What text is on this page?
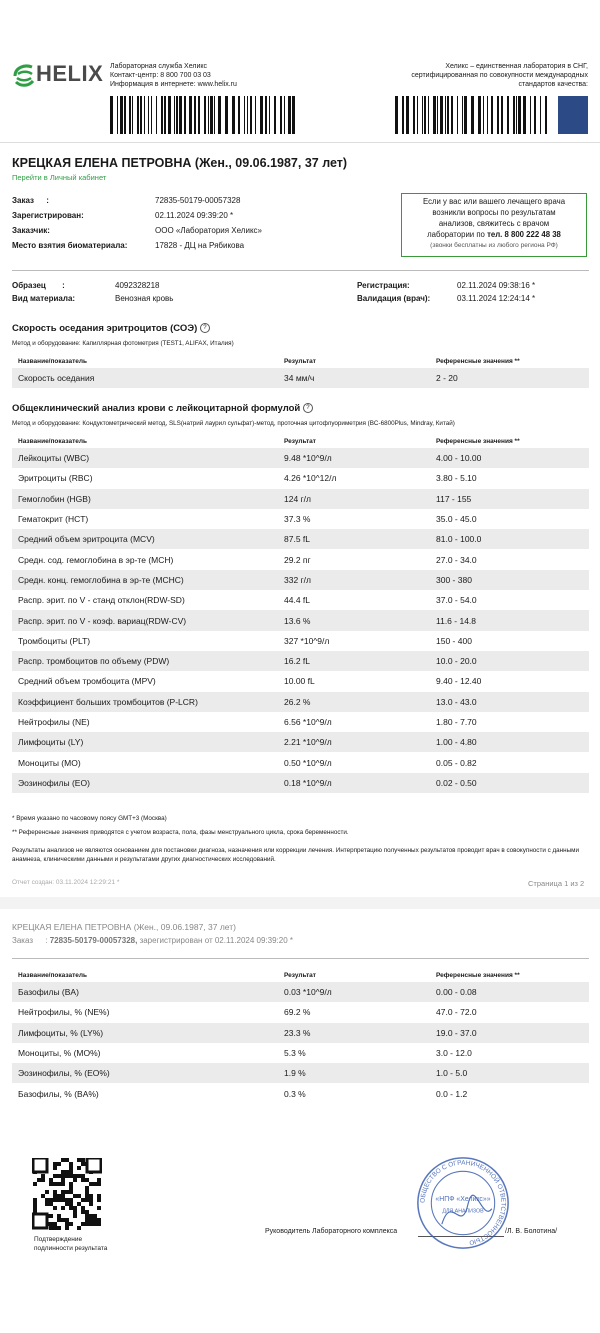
HELIX Лабораторная служба Хеликс
Контакт-центр: 8 800 700 03 03
Информация в интернете: www.helix.ru
Хеликс – единственная лаборатория в СНГ, сертифицированная по совокупности международных стандартов качества:
КРЕЦКАЯ ЕЛЕНА ПЕТРОВНА (Жен., 09.06.1987, 37 лет)
Перейти в Личный кабинет
Заказ :	72835-50179-00057328
Зарегистрирован:	02.11.2024 09:39:20 *
Заказчик:	ООО «Лаборатория Хеликс»
Место взятия биоматериала:	17828 - ДЦ на Рябикова
Если у вас или вашего лечащего врача
возникли вопросы по результатам
анализов, свяжитесь с врачом
лаборатории по тел. 8 800 222 48 38
(звонки бесплатны из любого региона РФ)
Образец :	4092328218
Вид материала:	Венозная кровь
Регистрация:	02.11.2024 09:38:16 *
Валидация (врач):	03.11.2024 12:24:14 *
Скорость оседания эритроцитов (СОЭ) ?
Метод и оборудование: Капиллярная фотометрия (TEST1, ALIFAX, Италия)
Название/показатель	Результат	Референсные значения **
Скорость оседания	34 мм/ч	2 - 20
Общеклинический анализ крови с лейкоцитарной формулой ?
Метод и оборудование: Кондуктометрический метод, SLS(натрий лаурил сульфат)-метод, проточная цитофлуориметрия (BC-6800Plus, Mindray, Китай)
Название/показатель	Результат	Референсные значения **
Лейкоциты (WBC)	9.48 *10^9/л	4.00 - 10.00
Эритроциты (RBC)	4.26 *10^12/л	3.80 - 5.10
Гемоглобин (HGB)	124 г/л	117 - 155
Гематокрит (HCT)	37.3 %	35.0 - 45.0
Средний объем эритроцита (MCV)	87.5 fL	81.0 - 100.0
Средн. сод. гемоглобина в эр-те (MCH)	29.2 пг	27.0 - 34.0
Средн. конц. гемоглобина в эр-те (MCHC)	332 г/л	300 - 380
Распр. эрит. по V - станд отклон(RDW-SD)	44.4 fL	37.0 - 54.0
Распр. эрит. по V - коэф. вариац(RDW-CV)	13.6 %	11.6 - 14.8
Тромбоциты (PLT)	327 *10^9/л	150 - 400
Распр. тромбоцитов по объему (PDW)	16.2 fL	10.0 - 20.0
Средний объем тромбоцита (MPV)	10.00 fL	9.40 - 12.40
Коэффициент больших тромбоцитов (P-LCR)	26.2 %	13.0 - 43.0
Нейтрофилы (NE)	6.56 *10^9/л	1.80 - 7.70
Лимфоциты (LY)	2.21 *10^9/л	1.00 - 4.80
Моноциты (MO)	0.50 *10^9/л	0.05 - 0.82
Эозинофилы (EO)	0.18 *10^9/л	0.02 - 0.50
* Время указано по часовому поясу GMT+3 (Москва)
** Референсные значения приводятся с учетом возраста, пола, фазы менструального цикла, срока беременности.
Результаты анализов не являются основанием для постановки диагноза, назначения или коррекции лечения. Интерпретацию полученных результатов проводит врач в совокупности с данными анамнеза, клиническими данными и результатами других диагностических исследований.
Отчет создан: 03.11.2024 12:29:21 *	Страница 1 из 2
КРЕЦКАЯ ЕЛЕНА ПЕТРОВНА (Жен., 09.06.1987, 37 лет)
Заказ : 72835-50179-00057328, зарегистрирован от 02.11.2024 09:39:20 *
Название/показатель	Результат	Референсные значения **
Базофилы (BA)	0.03 *10^9/л	0.00 - 0.08
Нейтрофилы, % (NE%)	69.2 %	47.0 - 72.0
Лимфоциты, % (LY%)	23.3 %	19.0 - 37.0
Моноциты, % (MO%)	5.3 %	3.0 - 12.0
Эозинофилы, % (EO%)	1.9 %	1.0 - 5.0
Базофилы, % (BA%)	0.3 %	0.0 - 1.2
Подтверждение
подлинности результата
Руководитель Лабораторного комплекса	/Л. В. Болотина/
ОБЩЕСТВО С ОГРАНИЧЕННОЙ ОТВЕТСТВЕННОСТЬЮ
«НПФ «Хеликс»»
ДЛЯ АНАЛИЗОВ
